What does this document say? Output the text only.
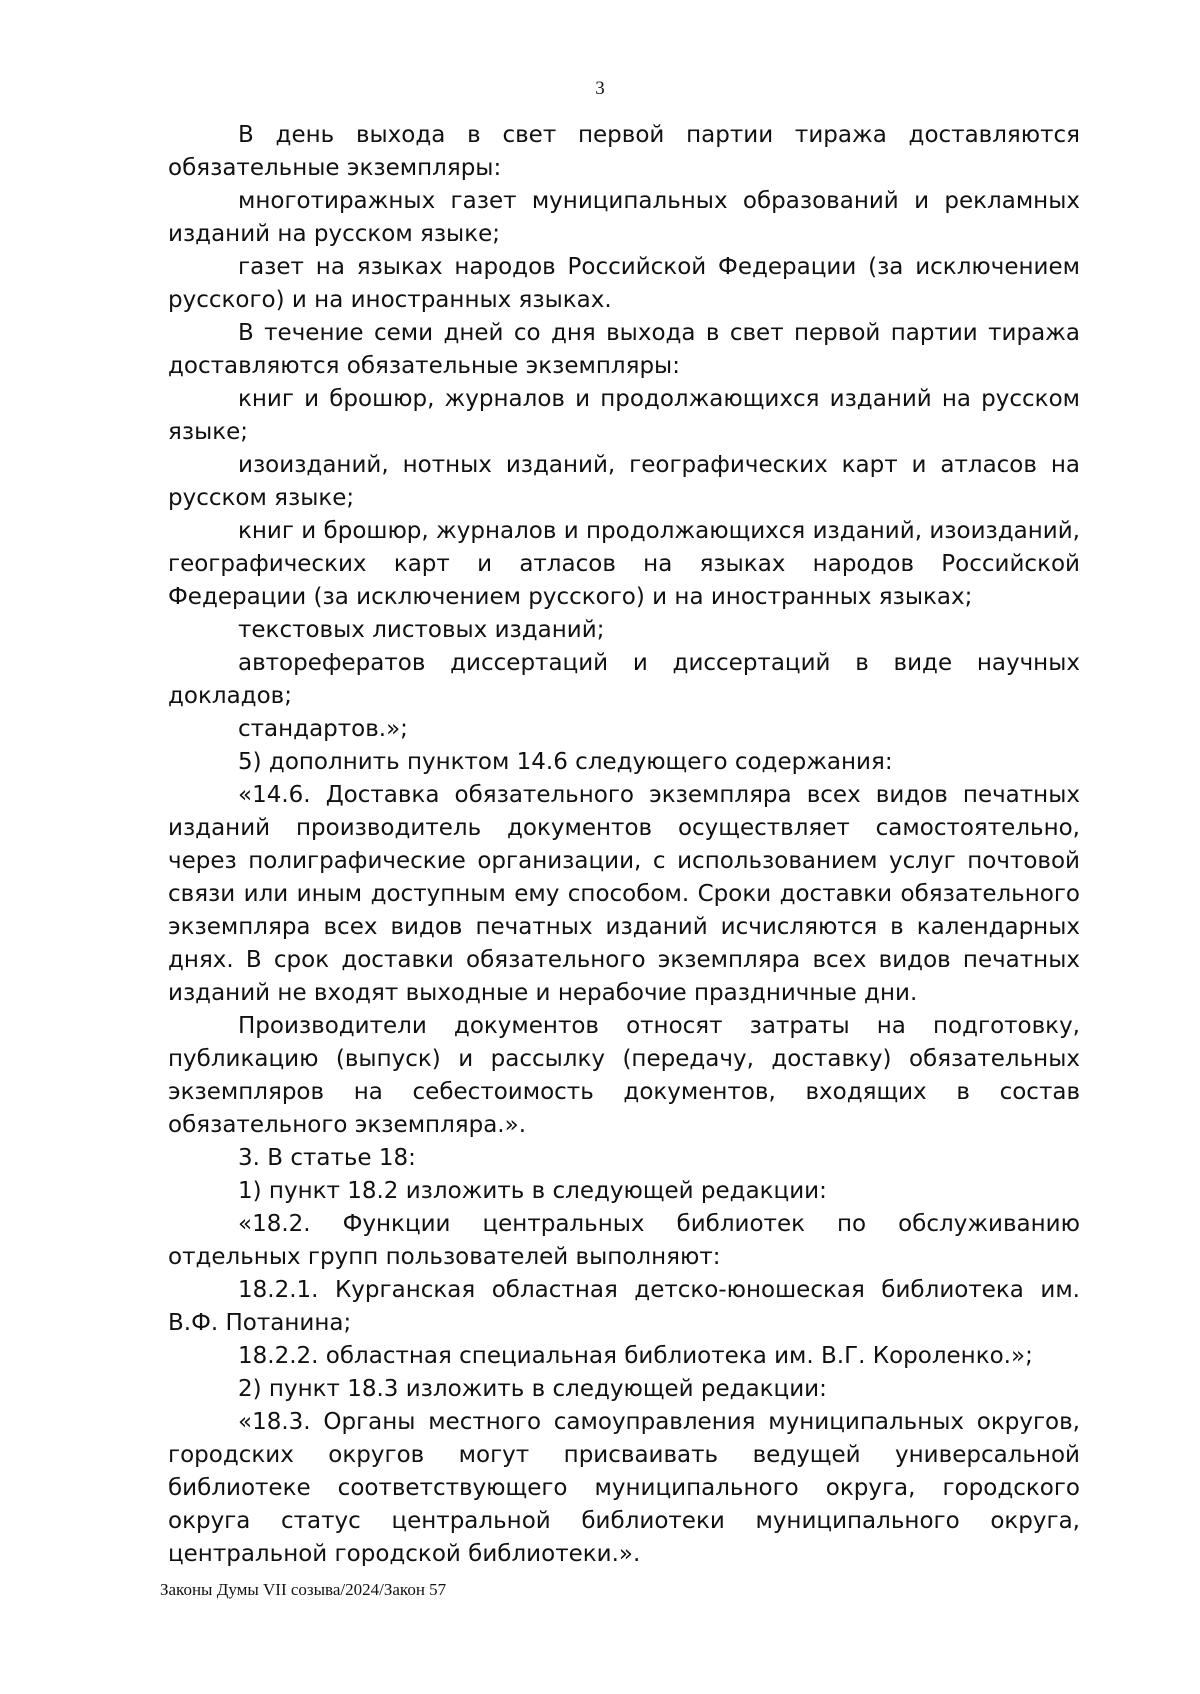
3

В день выхода в свет первой партии тиража доставляются обязательные экземпляры:

многотиражных газет муниципальных образований и рекламных изданий на русском языке;

газет на языках народов Российской Федерации (за исключением русского) и на иностранных языках.

В течение семи дней со дня выхода в свет первой партии тиража доставляются обязательные экземпляры:

книг и брошюр, журналов и продолжающихся изданий на русском языке;

изоизданий, нотных изданий, географических карт и атласов на русском языке;

книг и брошюр, журналов и продолжающихся изданий, изоизданий, географических карт и атласов на языках народов Российской Федерации (за исключением русского) и на иностранных языках;

текстовых листовых изданий;

авторефератов диссертаций и диссертаций в виде научных докладов;

стандартов.»;

5) дополнить пунктом 14.6 следующего содержания:

«14.6. Доставка обязательного экземпляра всех видов печатных изданий производитель документов осуществляет самостоятельно, через полиграфические организации, с использованием услуг почтовой связи или иным доступным ему способом. Сроки доставки обязательного экземпляра всех видов печатных изданий исчисляются в календарных днях. В срок доставки обязательного экземпляра всех видов печатных изданий не входят выходные и нерабочие праздничные дни.

Производители документов относят затраты на подготовку, публикацию (выпуск) и рассылку (передачу, доставку) обязательных экземпляров на себестоимость документов, входящих в состав обязательного экземпляра.».

3. В статье 18:

1) пункт 18.2 изложить в следующей редакции:

«18.2. Функции центральных библиотек по обслуживанию отдельных групп пользователей выполняют:

18.2.1. Курганская областная детско-юношеская библиотека им. В.Ф. Потанина;

18.2.2. областная специальная библиотека им. В.Г. Короленко.»;

2) пункт 18.3 изложить в следующей редакции:

«18.3. Органы местного самоуправления муниципальных округов, городских округов могут присваивать ведущей универсальной библиотеке соответствующего муниципального округа, городского округа статус центральной библиотеки муниципального округа, центральной городской библиотеки.».

Законы Думы VII созыва/2024/Закон 57
